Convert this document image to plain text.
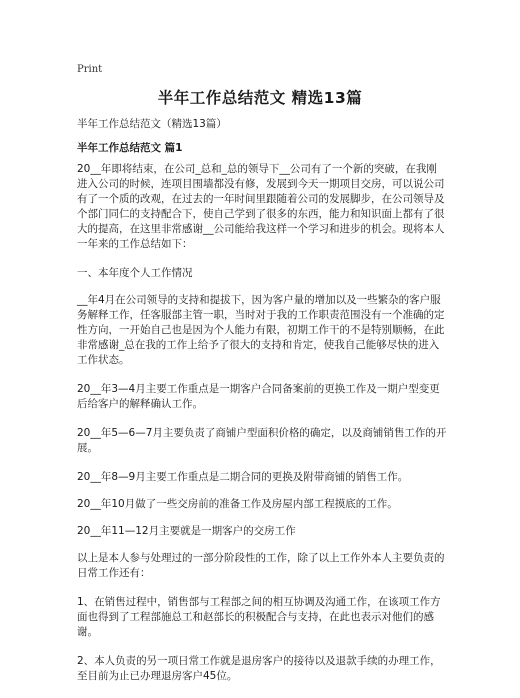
Print
半年工作总结范文 精选13篇
半年工作总结范文（精选13篇）
半年工作总结范文 篇1

20__年即将结束，在公司_总和_总的领导下__公司有了一个新的突破，在我刚进入公司的时候，连项目围墙都没有修，发展到今天一期项目交房，可以说公司有了一个质的改观，在过去的一年时间里跟随着公司的发展脚步，在公司领导及个部门同仁的支持配合下，使自己学到了很多的东西，能力和知识面上都有了很大的提高，在这里非常感谢__公司能给我这样一个学习和进步的机会。现将本人一年来的工作总结如下：

一、本年度个人工作情况

__年4月在公司领导的支持和提拔下，因为客户量的增加以及一些繁杂的客户服务解释工作，任客服部主管一职，当时对于我的工作职责范围没有一个准确的定性方向，一开始自己也是因为个人能力有限，初期工作干的不是特别顺畅，在此非常感谢_总在我的工作上给予了很大的支持和肯定，使我自己能够尽快的进入工作状态。

20__年3—4月主要工作重点是一期客户合同备案前的更换工作及一期户型变更后给客户的解释确认工作。

20__年5—6—7月主要负责了商铺户型面积价格的确定，以及商铺销售工作的开展。

20__年8—9月主要工作重点是二期合同的更换及附带商铺的销售工作。

20__年10月做了一些交房前的准备工作及房屋内部工程摸底的工作。

20__年11—12月主要就是一期客户的交房工作

以上是本人参与处理过的一部分阶段性的工作，除了以上工作外本人主要负责的日常工作还有：

1、在销售过程中，销售部与工程部之间的相互协调及沟通工作，在该项工作方面也得到了工程部施总工和赵部长的积极配合与支持，在此也表示对他们的感谢。

2、本人负责的另一项日常工作就是退房客户的接待以及退款手续的办理工作，至目前为止已办理退房客户45位。
